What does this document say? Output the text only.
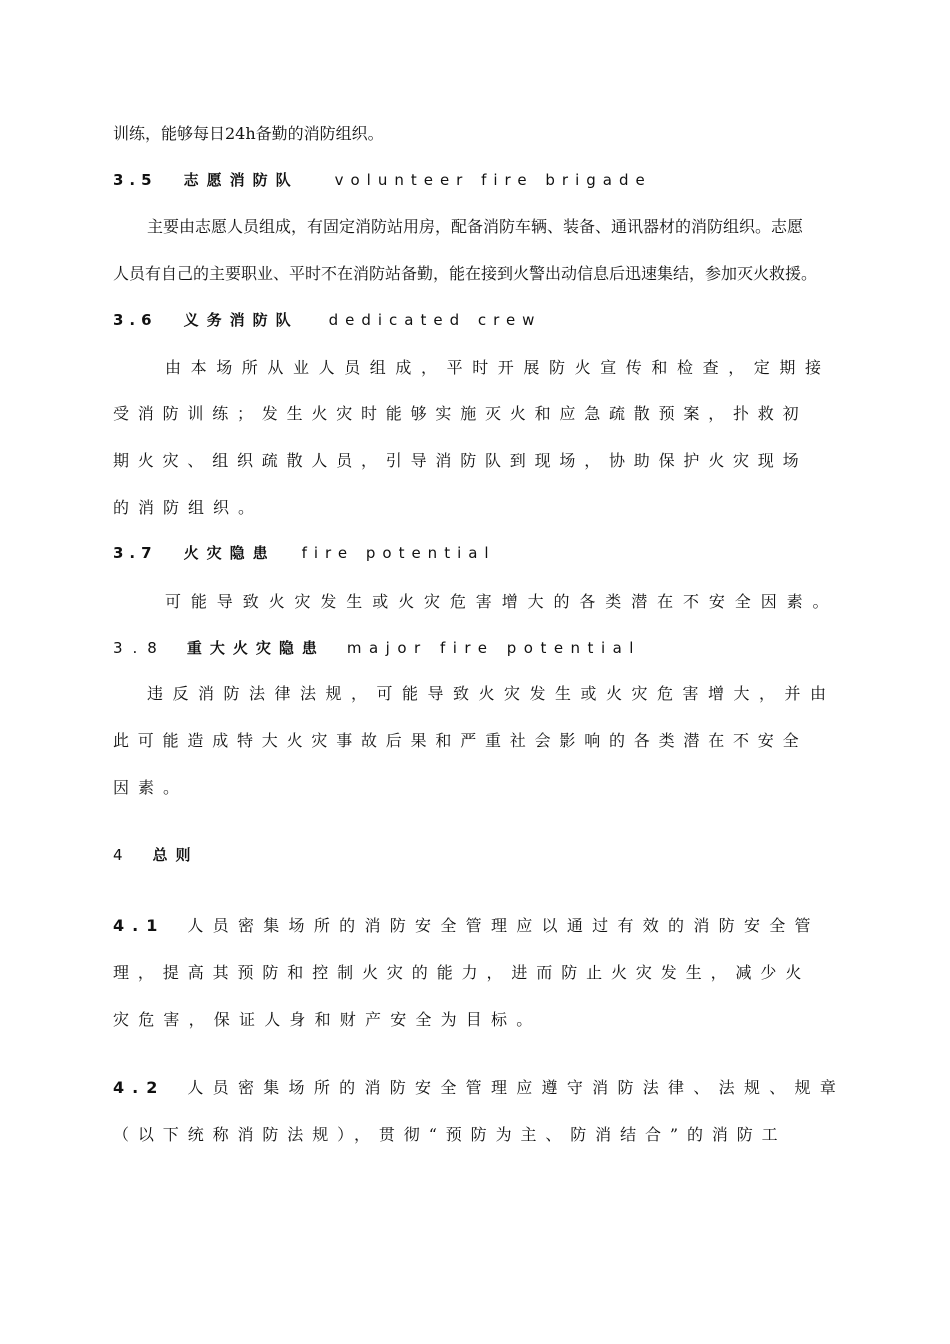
训练，能够每日24h备勤的消防组织。
3.5 志愿消防队 volunteer fire brigade
主要由志愿人员组成，有固定消防站用房，配备消防车辆、装备、通讯器材的消防组织。志愿
人员有自己的主要职业、平时不在消防站备勤，能在接到火警出动信息后迅速集结，参加灭火救援。
3.6 义务消防队 dedicated crew
由本场所从业人员组成，平时开展防火宣传和检查，定期接
受消防训练；发生火灾时能够实施灭火和应急疏散预案，扑救初
期火灾、组织疏散人员，引导消防队到现场，协助保护火灾现场
的消防组织。
3.7 火灾隐患 fire potential
可能导致火灾发生或火灾危害增大的各类潜在不安全因素。
3.8 重大火灾隐患 major fire potential
违反消防法律法规，可能导致火灾发生或火灾危害增大，并由
此可能造成特大火灾事故后果和严重社会影响的各类潜在不安全
因素。
4 总则
4.1 人员密集场所的消防安全管理应以通过有效的消防安全管
理，提高其预防和控制火灾的能力，进而防止火灾发生，减少火
灾危害，保证人身和财产安全为目标。
4.2 人员密集场所的消防安全管理应遵守消防法律、法规、规章
（以下统称消防法规），贯彻“预防为主、防消结合”的消防工
